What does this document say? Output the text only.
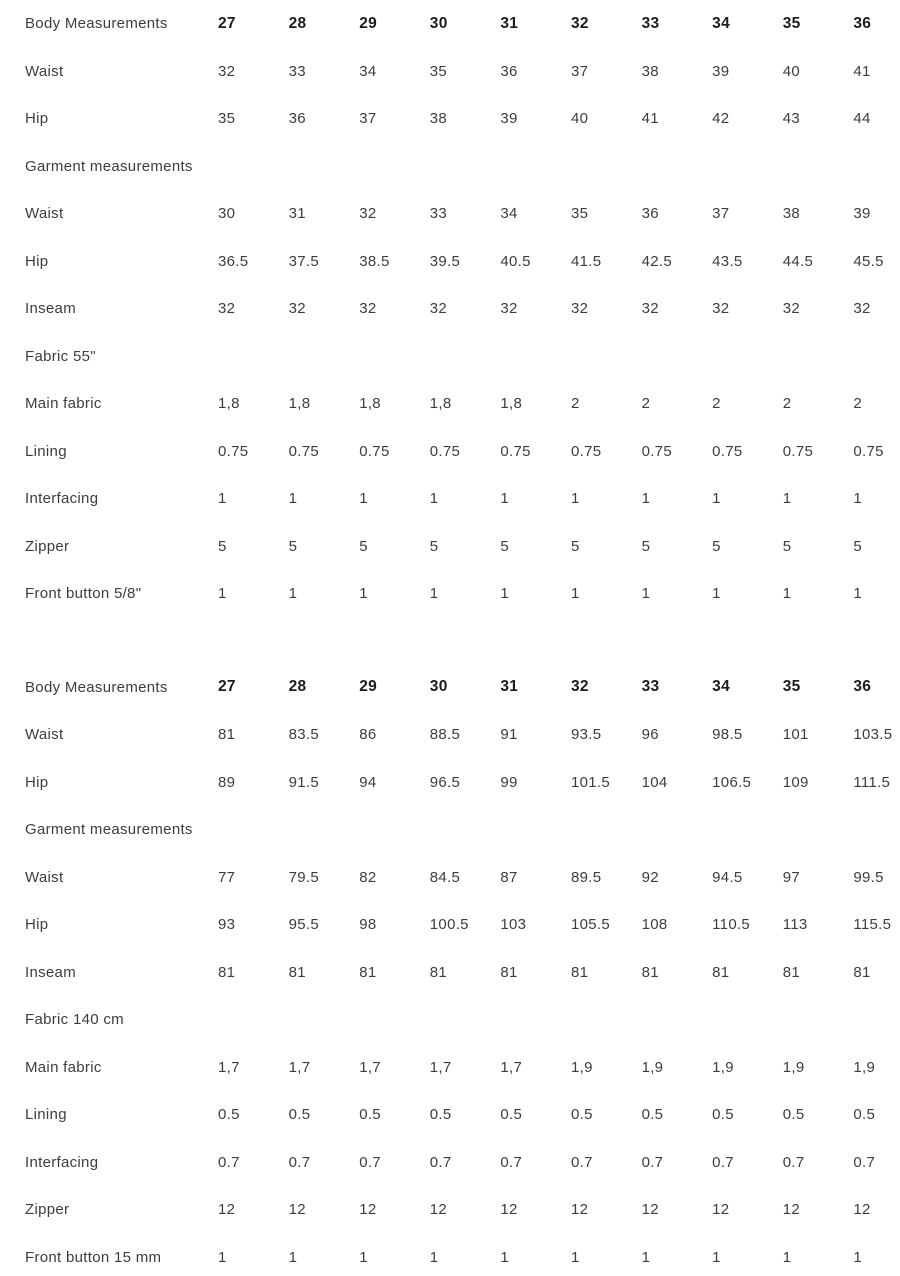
Body Measurements	27	28	29	30	31	32	33	34	35	36
Waist	32	33	34	35	36	37	38	39	40	41
Hip	35	36	37	38	39	40	41	42	43	44
Garment measurements
Waist	30	31	32	33	34	35	36	37	38	39
Hip	36.5	37.5	38.5	39.5	40.5	41.5	42.5	43.5	44.5	45.5
Inseam	32	32	32	32	32	32	32	32	32	32
Fabric 55"
Main fabric	1,8	1,8	1,8	1,8	1,8	2	2	2	2	2
Lining	0.75	0.75	0.75	0.75	0.75	0.75	0.75	0.75	0.75	0.75
Interfacing	1	1	1	1	1	1	1	1	1	1
Zipper	5	5	5	5	5	5	5	5	5	5
Front button 5/8"	1	1	1	1	1	1	1	1	1	1
Body Measurements	27	28	29	30	31	32	33	34	35	36
Waist	81	83.5	86	88.5	91	93.5	96	98.5	101	103.5
Hip	89	91.5	94	96.5	99	101.5	104	106.5	109	111.5
Garment measurements
Waist	77	79.5	82	84.5	87	89.5	92	94.5	97	99.5
Hip	93	95.5	98	100.5	103	105.5	108	110.5	113	115.5
Inseam	81	81	81	81	81	81	81	81	81	81
Fabric 140 cm
Main fabric	1,7	1,7	1,7	1,7	1,7	1,9	1,9	1,9	1,9	1,9
Lining	0.5	0.5	0.5	0.5	0.5	0.5	0.5	0.5	0.5	0.5
Interfacing	0.7	0.7	0.7	0.7	0.7	0.7	0.7	0.7	0.7	0.7
Zipper	12	12	12	12	12	12	12	12	12	12
Front button 15 mm	1	1	1	1	1	1	1	1	1	1
